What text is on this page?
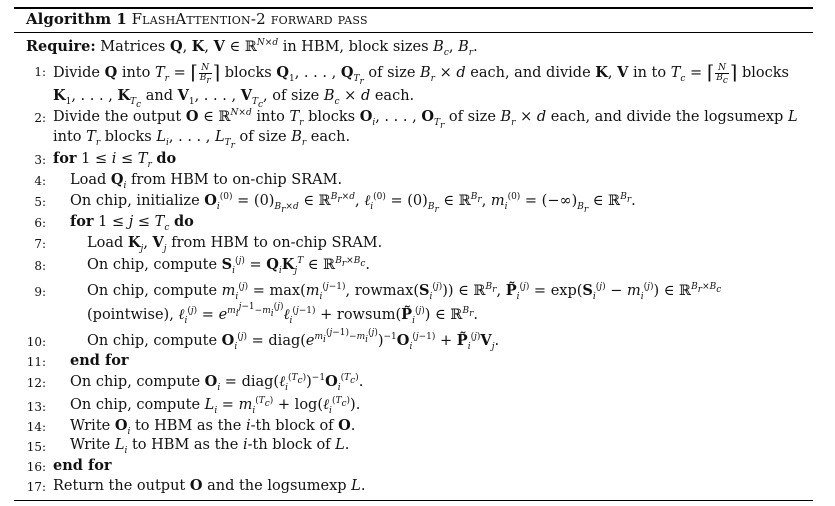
Algorithm 1 FlashAttention-2 forward pass
Require: Matrices Q, K, V ∈ ℝ$^{N\times d}$ in HBM, block sizes $B_c$, $B_r$.
1: Divide Q into $T_r$ = ⌈ $\frac{N}{B_r}$ ⌉ blocks $Q_1$, . . . , $Q_{T_r}$ of size $B_r \times d$ each, and divide K, V in to $T_c$ = ⌈ $\frac{N}{B_c}$ ⌉ blocks
$K_1$, . . . , $K_{T_c}$ and $V_1$, . . . , $V_{T_c}$, of size $B_c \times d$ each.
2: Divide the output O ∈ ℝ$^{N\times d}$ into $T_r$ blocks $O_i$, . . . , $O_{T_r}$ of size $B_r \times d$ each, and divide the logsumexp L
into $T_r$ blocks $L_i$, . . . , $L_{T_r}$ of size $B_r$ each.
3: for $1 \le i \le T_r$ do
4: Load $Q_i$ from HBM to on-chip SRAM.
5: On chip, initialize $O_i^{(0)} = (0)_{B_r\times d}$ ∈ ℝ$^{B_r\times d}$, ℓ$_i^{(0)}$ = $(0)_{B_r}$ ∈ ℝ$^{B_r}$, $m_i^{(0)} = (-\infty)_{B_r}$ ∈ ℝ$^{B_r}$.
6: for $1 \le j \le T_c$ do
7:	Load $K_j$, $V_j$ from HBM to on-chip SRAM.
8:	On chip, compute $S_i^{(j)} = Q_iK_j^T$ ∈ ℝ$^{B_r\times B_c}$.
9:	On chip, compute $m_i^{(j)} = \max(m_i^{(j-1)}$, $rowmax(S_i^{(j)})$) ∈ ℝ$^{B_r}$, $P̃_i^{(j)} = \exp(S_i^{(j)} - m_i^{(j)})$ ∈ ℝ$^{B_r\times B_c}$
(pointwise), ℓ$_i^{(j)}$ = $e^{m_i^{j-1}-m_i^{(j)}}\ell_i^{(j-1)}$ + $rowsum(P̃_i^{(j)})$ ∈ ℝ$^{B_r}$.
10:	On chip, compute $O_i^{(j)}$ = $diag(e^{m_i^{(j-1)}-m_i^{(j)}})^{-1}O_i^{(j-1)}$ + $P̃_i^{(j)}V_j$.
11: end for
12: On chip, compute $O_i$ = $diag(\ell_i^{(T_c)})^{-1}O_i^{(T_c)}$.
13: On chip, compute $L_i = m_i^{(T_c)}$ + log(ℓ$_i^{(T_c)}$).
14: Write $O_i$ to HBM as the i-th block of O.
15: Write $L_i$ to HBM as the i-th block of L.
16: end for
17: Return the output O and the logsumexp L.
